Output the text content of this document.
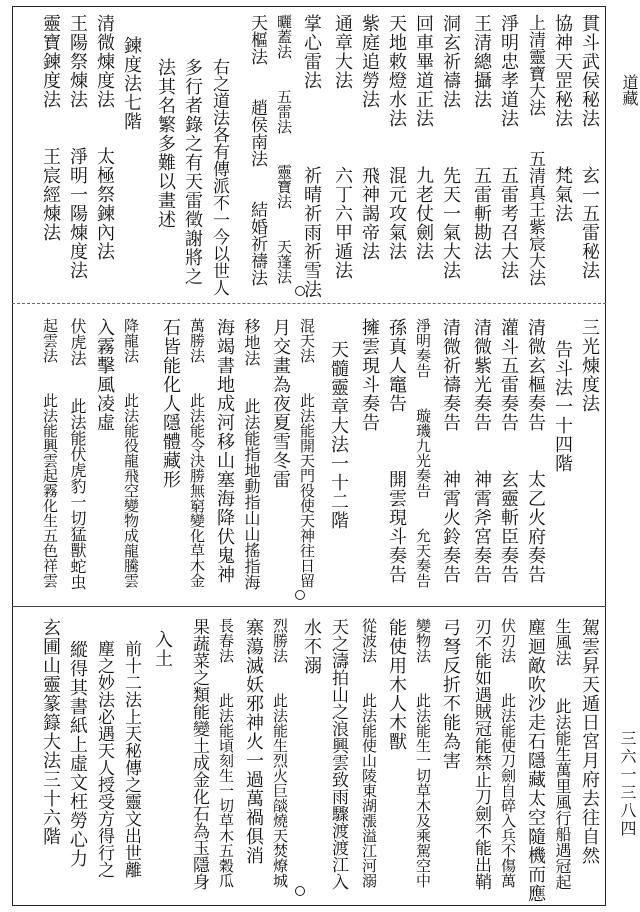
道藏
三六一三八四
貫斗武侯秘法　　玄一五雷秘法
協神天罡秘法　　梵氣法
上清靈寶大法　　五清真王紫宸大法
淨明忠孝道法　　五雷考召大法
王清總攝法　　　五雷斬勘法
洞玄祈禱法　　　先天一氣大法
回車畢道正法　　九老仗劍法
天地敕燈水法　　混元攻氣法
紫庭追勞法　　　飛神謁帝法
通章大法　　　　六丁六甲遁法
掌心雷法　　　　祈晴祈雨祈雪法
曬蓋法　　五雷法　　靈寶法　　天蓬法
天樞法　　趙侯南法　　結婚祈禱法
右之道法各有傳派不一今以世人
多行者錄之有天雷徵謝將之
法其名繁多難以畫述
鍊度法七階
清微煉度法　　太極祭鍊內法
王陽祭煉法　　淨明一陽煉度法
靈寶鍊度法　　王宸經煉法
三光煉度法
告斗法一十四階
清微玄樞奏告　　太乙火府奏告
灌斗五雷奏告　　玄靈斬臣奏告
清微紫光奏告　　神霄斧宮奏告
清微祈禱奏告　　神霄火鈴奏告
淨明奏告　　璇璣九光奏告　　允天奏告
孫真人竈告　　　開雲現斗奏告
擁雲現斗奏告
天髓靈章大法一十二階
混天法　　此法能開天門役使天神往日留
月交畫為夜夏雪冬雷
移地法　　此法能指地動指山山搖指海
海竭書地成河移山塞海降伏鬼神
萬勝法　　此法能令決勝無窮變化草木金
石皆能化人隱體藏形
降龍法　　此法能役龍飛空變物成龍騰雲
入霧擊風凌虛
伏虎法　　此法能伏虎豹一切猛獸蛇虫
起雲法　　此法能興雲起霧化生五色祥雲
駕雲昇天遁日宮月府去往自然
生風法　　此法能生萬里風行船遇冠起
塵迴敵吹沙走石隱藏太空隨機而應
伏刃法　　此法能使刀劍自碎入兵不傷萬
刃不能如遇賊冠能禁止刀劍不能出鞘
弓弩反折不能為害
變物法　　此法能生一切草木及乘駕空中
能使用木人木獸
從波法　　此法能使山陵東湖漲溢江河溺
天之濤拍山之浪興雲致雨驟渡渡江入
水不溺
烈勝法　　此法能生烈火巨燄燒天焚燎城
寨蕩滅妖邪神火一過萬禍俱消
長春法　　此法能頃刻生一切草木五穀瓜
果蔬菜之類能變土成金化石為玉隱身
入土
前十二法上天秘傳之靈文出世離
塵之妙法必遇天人授受方得行之
縱得其書紙上虛文枉勞心力
玄圃山靈篆籙大法三十六階
